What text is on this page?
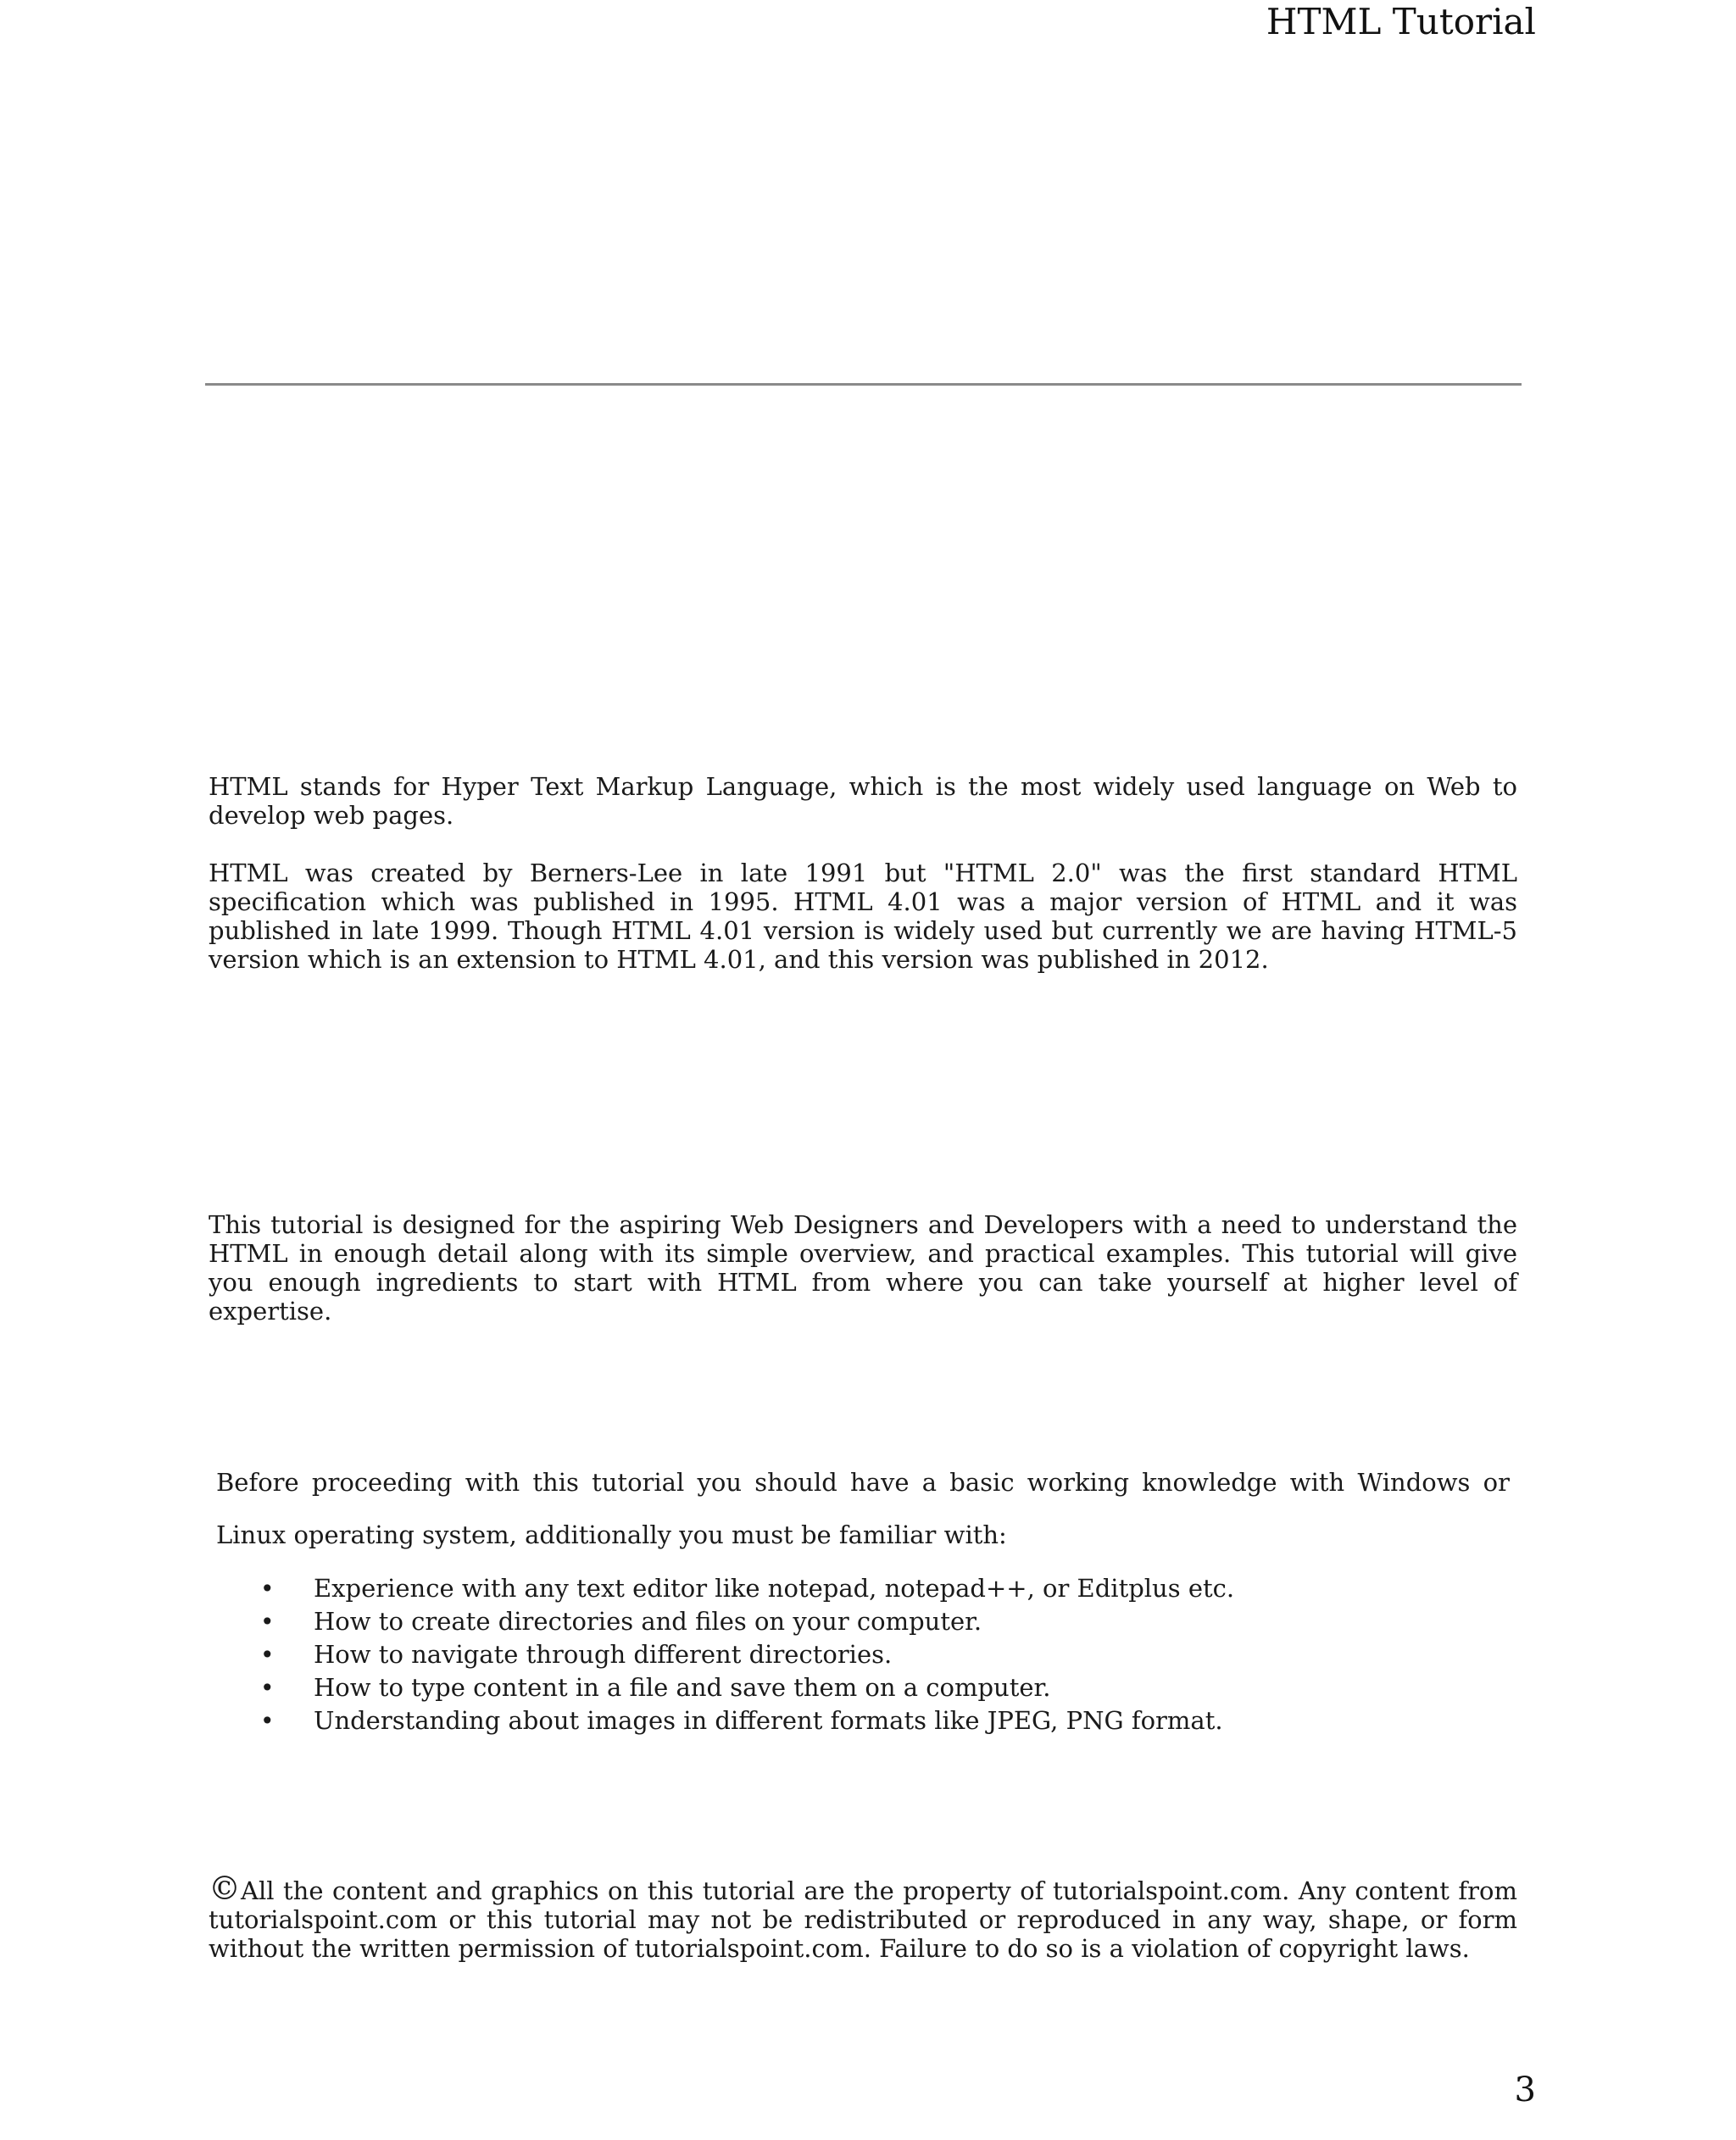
HTML Tutorial

HTML stands for Hyper Text Markup Language, which is the most widely used language on Web to develop web pages.

HTML was created by Berners-Lee in late 1991 but "HTML 2.0" was the first standard HTML specification which was published in 1995. HTML 4.01 was a major version of HTML and it was published in late 1999. Though HTML 4.01 version is widely used but currently we are having HTML-5 version which is an extension to HTML 4.01, and this version was published in 2012.

This tutorial is designed for the aspiring Web Designers and Developers with a need to understand the HTML in enough detail along with its simple overview, and practical examples. This tutorial will give you enough ingredients to start with HTML from where you can take yourself at higher level of expertise.

Before proceeding with this tutorial you should have a basic working knowledge with Windows or Linux operating system, additionally you must be familiar with:

• Experience with any text editor like notepad, notepad++, or Editplus etc.
• How to create directories and files on your computer.
• How to navigate through different directories.
• How to type content in a file and save them on a computer.
• Understanding about images in different formats like JPEG, PNG format.

©All the content and graphics on this tutorial are the property of tutorialspoint.com. Any content from tutorialspoint.com or this tutorial may not be redistributed or reproduced in any way, shape, or form without the written permission of tutorialspoint.com. Failure to do so is a violation of copyright laws.

3
